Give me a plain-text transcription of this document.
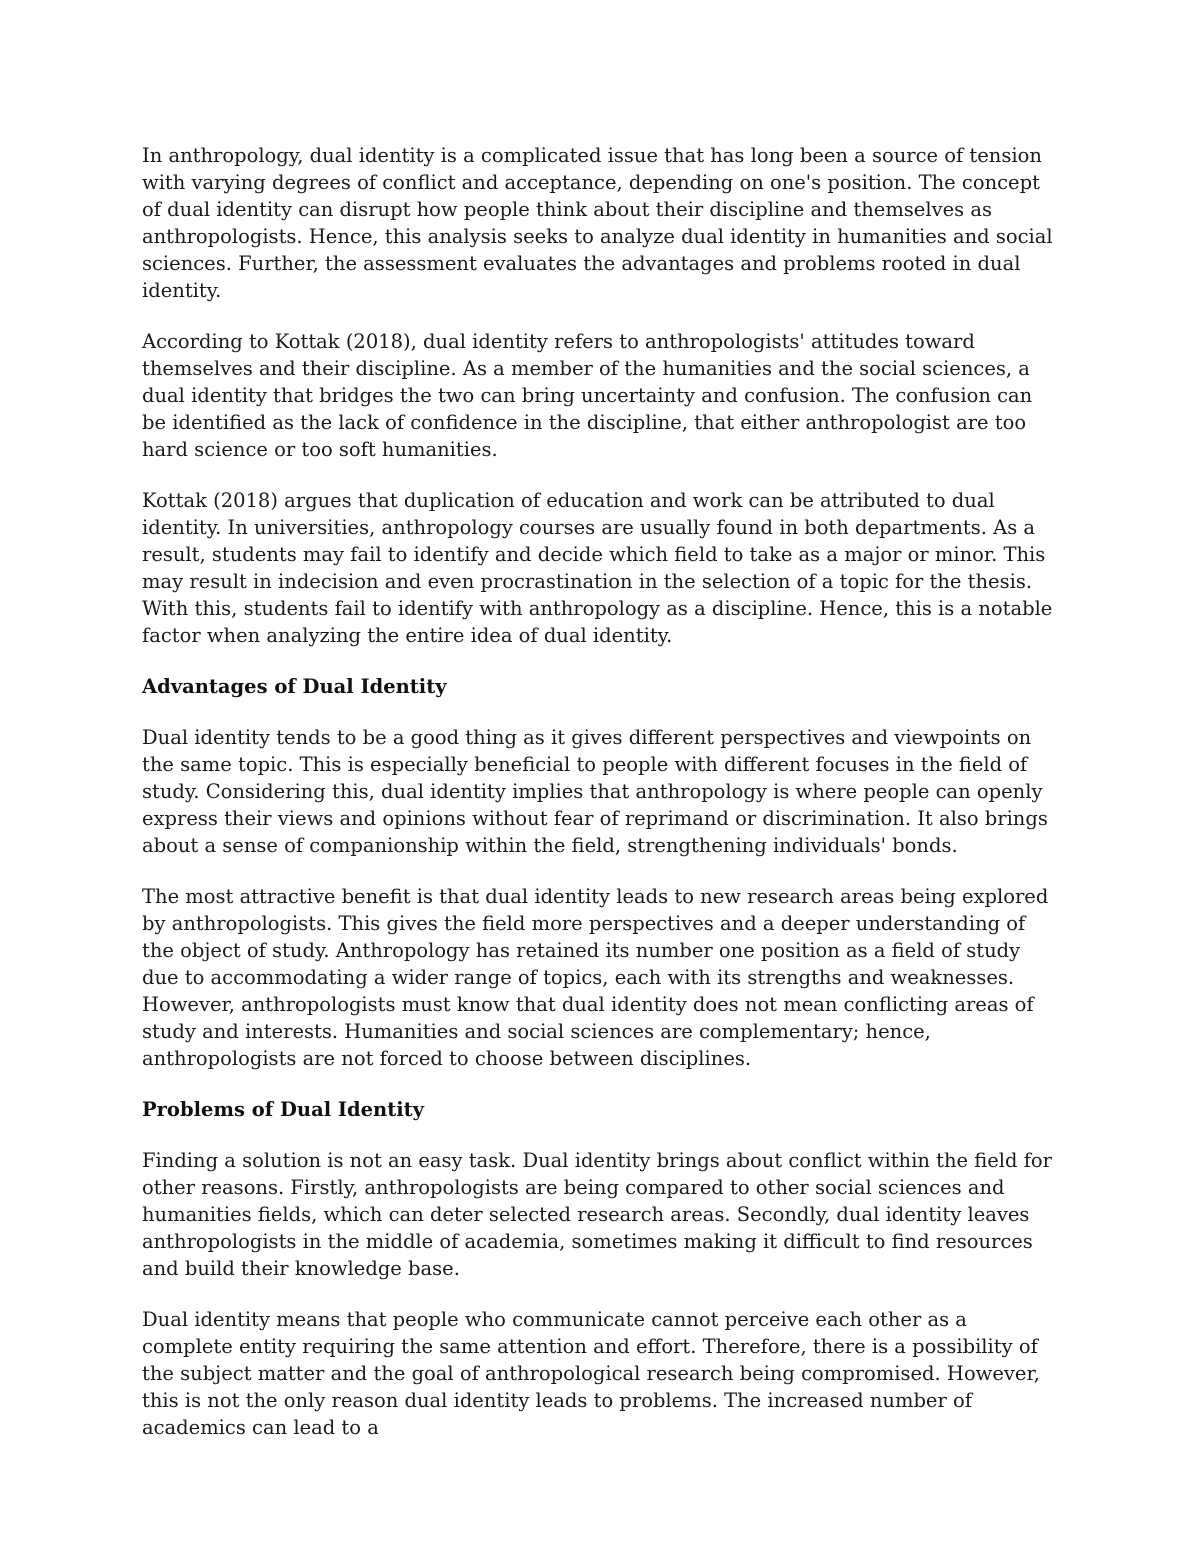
In anthropology, dual identity is a complicated issue that has long been a source of tension with varying degrees of conflict and acceptance, depending on one's position. The concept of dual identity can disrupt how people think about their discipline and themselves as anthropologists. Hence, this analysis seeks to analyze dual identity in humanities and social sciences. Further, the assessment evaluates the advantages and problems rooted in dual identity.

According to Kottak (2018), dual identity refers to anthropologists' attitudes toward themselves and their discipline. As a member of the humanities and the social sciences, a dual identity that bridges the two can bring uncertainty and confusion. The confusion can be identified as the lack of confidence in the discipline, that either anthropologist are too hard science or too soft humanities.

Kottak (2018) argues that duplication of education and work can be attributed to dual identity. In universities, anthropology courses are usually found in both departments. As a result, students may fail to identify and decide which field to take as a major or minor. This may result in indecision and even procrastination in the selection of a topic for the thesis. With this, students fail to identify with anthropology as a discipline. Hence, this is a notable factor when analyzing the entire idea of dual identity.

Advantages of Dual Identity

Dual identity tends to be a good thing as it gives different perspectives and viewpoints on the same topic. This is especially beneficial to people with different focuses in the field of study. Considering this, dual identity implies that anthropology is where people can openly express their views and opinions without fear of reprimand or discrimination. It also brings about a sense of companionship within the field, strengthening individuals' bonds.

The most attractive benefit is that dual identity leads to new research areas being explored by anthropologists. This gives the field more perspectives and a deeper understanding of the object of study. Anthropology has retained its number one position as a field of study due to accommodating a wider range of topics, each with its strengths and weaknesses. However, anthropologists must know that dual identity does not mean conflicting areas of study and interests. Humanities and social sciences are complementary; hence, anthropologists are not forced to choose between disciplines.

Problems of Dual Identity

Finding a solution is not an easy task. Dual identity brings about conflict within the field for other reasons. Firstly, anthropologists are being compared to other social sciences and humanities fields, which can deter selected research areas. Secondly, dual identity leaves anthropologists in the middle of academia, sometimes making it difficult to find resources and build their knowledge base.

Dual identity means that people who communicate cannot perceive each other as a complete entity requiring the same attention and effort. Therefore, there is a possibility of the subject matter and the goal of anthropological research being compromised. However, this is not the only reason dual identity leads to problems. The increased number of academics can lead to a
